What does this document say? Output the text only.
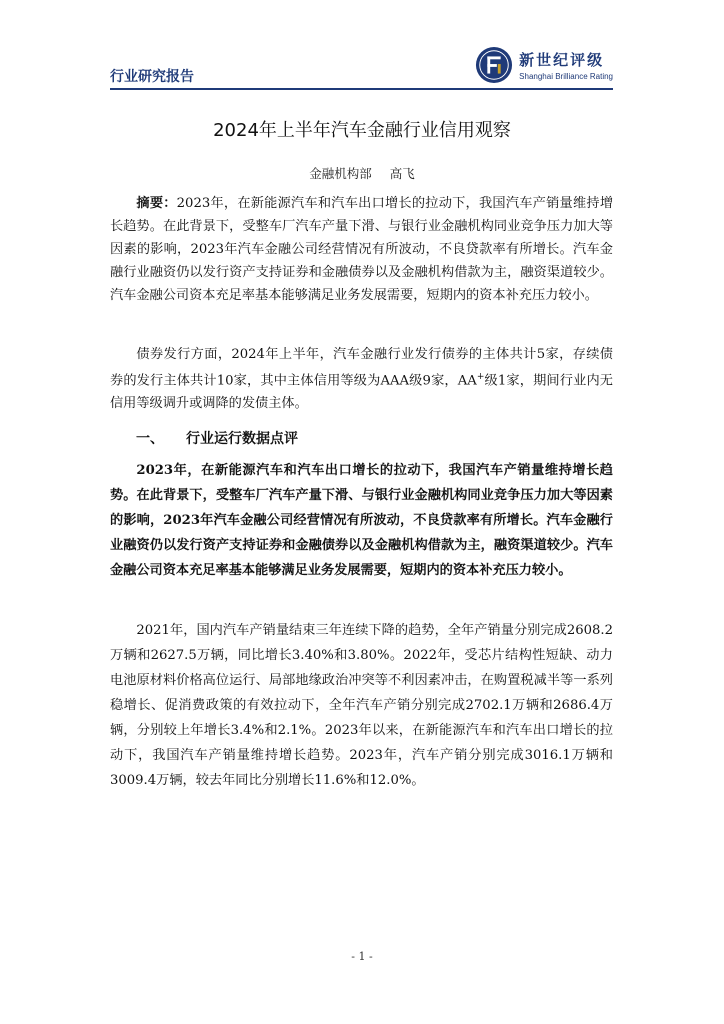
行业研究报告
新世纪评级
Shanghai Brilliance Rating
2024年上半年汽车金融行业信用观察
金融机构部 高飞

摘要：2023年，在新能源汽车和汽车出口增长的拉动下，我国汽车产销量维持增长趋势。在此背景下，受整车厂汽车产量下滑、与银行业金融机构同业竞争压力加大等因素的影响，2023年汽车金融公司经营情况有所波动，不良贷款率有所增长。汽车金融行业融资仍以发行资产支持证券和金融债券以及金融机构借款为主，融资渠道较少。汽车金融公司资本充足率基本能够满足业务发展需要，短期内的资本补充压力较小。

债券发行方面，2024年上半年，汽车金融行业发行债券的主体共计5家，存续债券的发行主体共计10家，其中主体信用等级为AAA级9家，AA+级1家，期间行业内无信用等级调升或调降的发债主体。

一、 行业运行数据点评

2023年，在新能源汽车和汽车出口增长的拉动下，我国汽车产销量维持增长趋势。在此背景下，受整车厂汽车产量下滑、与银行业金融机构同业竞争压力加大等因素的影响，2023年汽车金融公司经营情况有所波动，不良贷款率有所增长。汽车金融行业融资仍以发行资产支持证券和金融债券以及金融机构借款为主，融资渠道较少。汽车金融公司资本充足率基本能够满足业务发展需要，短期内的资本补充压力较小。

2021年，国内汽车产销量结束三年连续下降的趋势，全年产销量分别完成2608.2万辆和2627.5万辆，同比增长3.40%和3.80%。2022年，受芯片结构性短缺、动力电池原材料价格高位运行、局部地缘政治冲突等不利因素冲击，在购置税减半等一系列稳增长、促消费政策的有效拉动下，全年汽车产销分别完成2702.1万辆和2686.4万辆，分别较上年增长3.4%和2.1%。2023年以来，在新能源汽车和汽车出口增长的拉动下，我国汽车产销量维持增长趋势。2023年，汽车产销分别完成3016.1万辆和3009.4万辆，较去年同比分别增长11.6%和12.0%。

- 1 -
